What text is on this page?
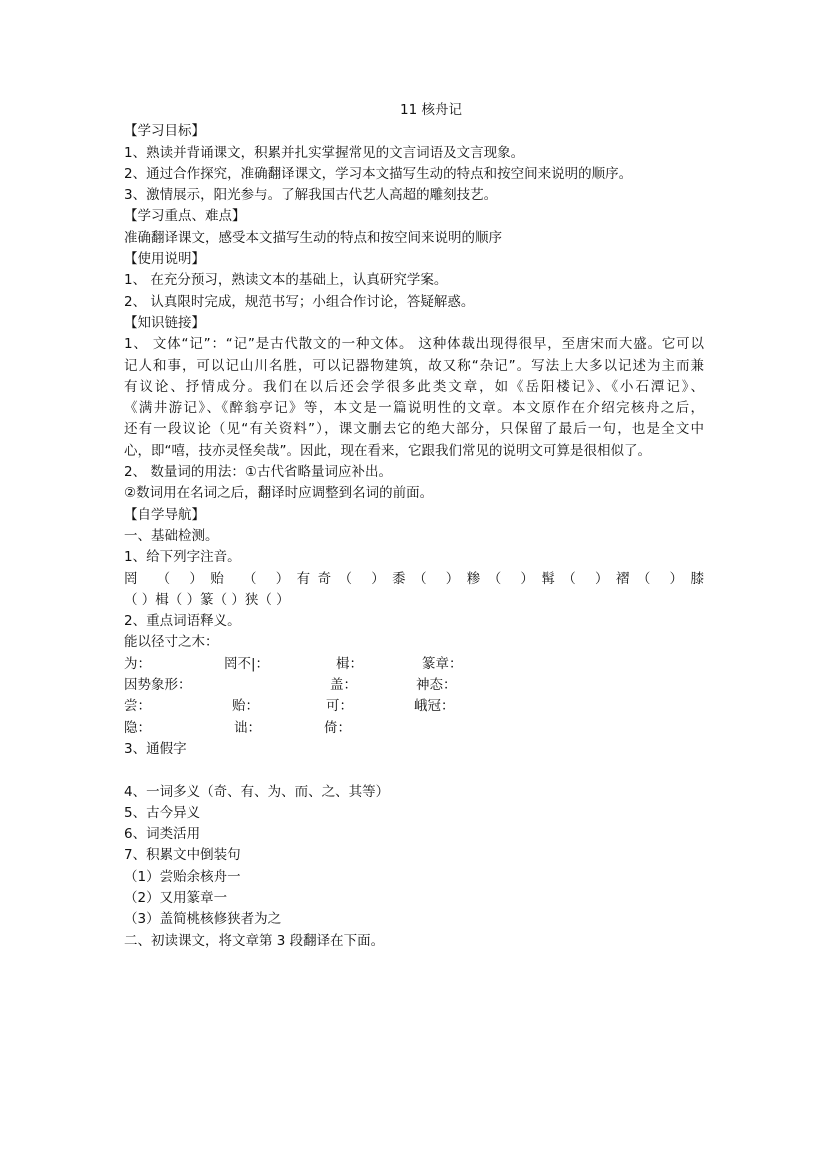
11 核舟记
【学习目标】
1、熟读并背诵课文，积累并扎实掌握常见的文言词语及文言现象。
2、通过合作探究，准确翻译课文，学习本文描写生动的特点和按空间来说明的顺序。
3、激情展示，阳光参与。了解我国古代艺人高超的雕刻技艺。
【学习重点、难点】
准确翻译课文，感受本文描写生动的特点和按空间来说明的顺序
【使用说明】
1、 在充分预习，熟读文本的基础上，认真研究学案。
2、 认真限时完成，规范书写；小组合作讨论，答疑解惑。
【知识链接】
1、 文体“记”：“记”是古代散文的一种文体。 这种体裁出现得很早，至唐宋而大盛。它可以
记人和事，可以记山川名胜，可以记器物建筑，故又称“杂记”。写法上大多以记述为主而兼
有议论、抒情成分。我们在以后还会学很多此类文章，如《岳阳楼记》、《小石潭记》、
《满井游记》、《醉翁亭记》等，本文是一篇说明性的文章。本文原作在介绍完核舟之后，
还有一段议论（见“有关资料”），课文删去它的绝大部分，只保留了最后一句，也是全文中
心，即“嘻，技亦灵怪矣哉”。因此，现在看来，它跟我们常见的说明文可算是很相似了。
2、 数量词的用法：①古代省略量词应补出。
②数词用在名词之后，翻译时应调整到名词的前面。
【自学导航】
一、基础检测。
1、给下列字注音。
罔 （ ）贻 （ ）有奇（ ）黍（ ）糁（ ）髯（ ）褶（ ）膝
（ ）楫（ ）篆（ ）狭（ ）
2、重点词语释义。
能以径寸之木：
为：	罔不|：	楫：	篆章：
因势象形：	盖：	神态：
尝：	贻：	可：	峨冠：
隐：	诎：	倚：
3、通假字
4、一词多义（奇、有、为、而、之、其等）
5、古今异义
6、词类活用
7、积累文中倒装句
（1）尝贻余核舟一
（2）又用篆章一
（3）盖简桃核修狭者为之
二、初读课文，将文章第 3 段翻译在下面。
